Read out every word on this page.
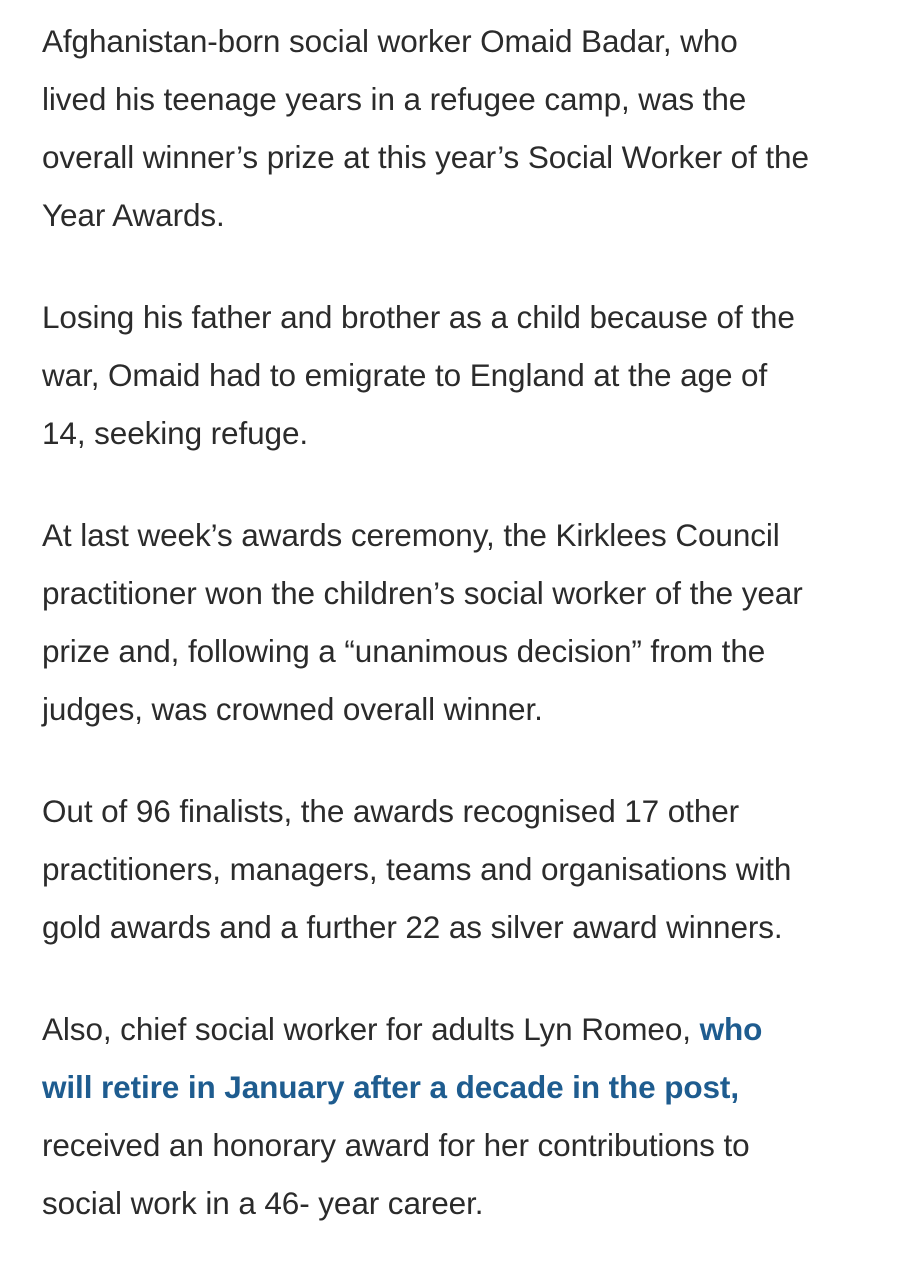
Afghanistan-born social worker Omaid Badar, who
lived his teenage years in a refugee camp, was the
overall winner’s prize at this year’s Social Worker of the
Year Awards.

Losing his father and brother as a child because of the
war, Omaid had to emigrate to England at the age of
14, seeking refuge.

At last week’s awards ceremony, the Kirklees Council
practitioner won the children’s social worker of the year
prize and, following a “unanimous decision” from the
judges, was crowned overall winner.

Out of 96 finalists, the awards recognised 17 other
practitioners, managers, teams and organisations with
gold awards and a further 22 as silver award winners.

Also, chief social worker for adults Lyn Romeo, who
will retire in January after a decade in the post,
received an honorary award for her contributions to
social work in a 46- year career.
